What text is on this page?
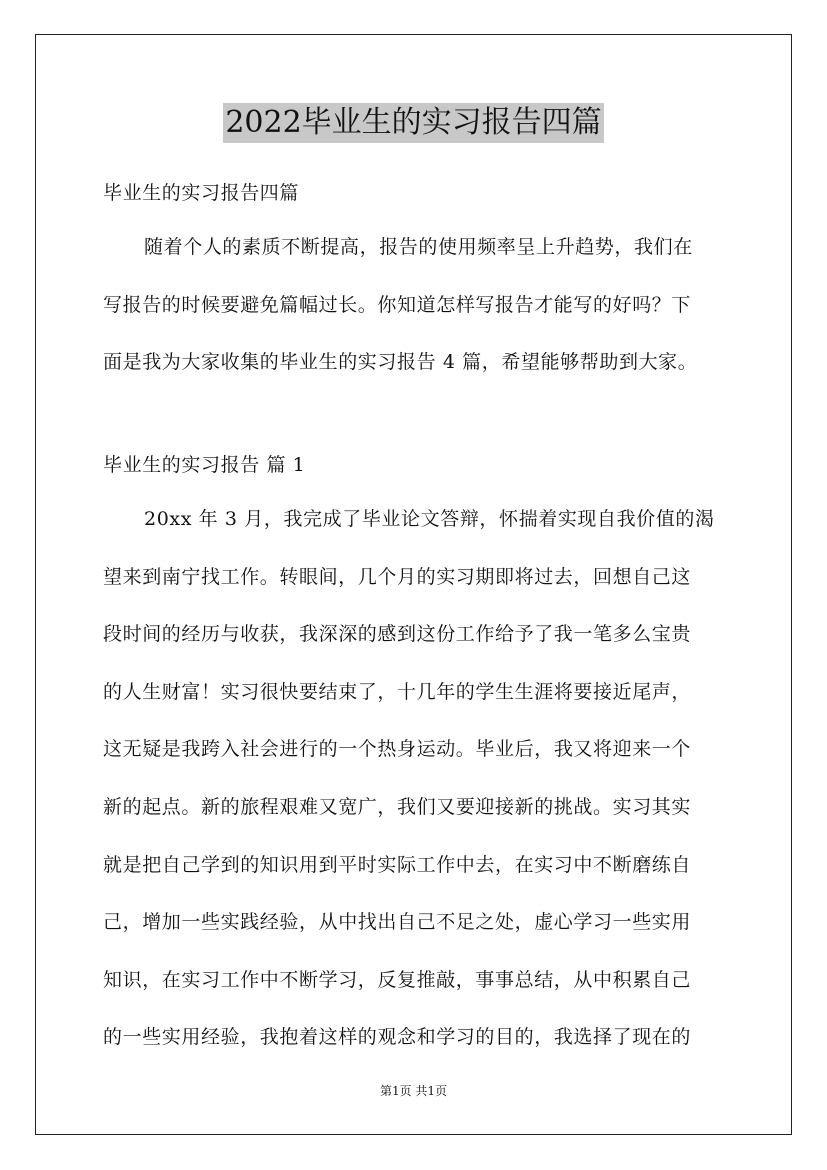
2022毕业生的实习报告四篇
毕业生的实习报告四篇
随着个人的素质不断提高，报告的使用频率呈上升趋势，我们在
写报告的时候要避免篇幅过长。你知道怎样写报告才能写的好吗？下
面是我为大家收集的毕业生的实习报告 4 篇，希望能够帮助到大家。
毕业生的实习报告 篇 1
20xx 年 3 月，我完成了毕业论文答辩，怀揣着实现自我价值的渴
望来到南宁找工作。转眼间，几个月的实习期即将过去，回想自己这
段时间的经历与收获，我深深的感到这份工作给予了我一笔多么宝贵
的人生财富！实习很快要结束了，十几年的学生生涯将要接近尾声，
这无疑是我跨入社会进行的一个热身运动。毕业后，我又将迎来一个
新的起点。新的旅程艰难又宽广，我们又要迎接新的挑战。实习其实
就是把自己学到的知识用到平时实际工作中去，在实习中不断磨练自
己，增加一些实践经验，从中找出自己不足之处，虚心学习一些实用
知识，在实习工作中不断学习，反复推敲，事事总结，从中积累自己
的一些实用经验，我抱着这样的观念和学习的目的，我选择了现在的
第1页 共1页
